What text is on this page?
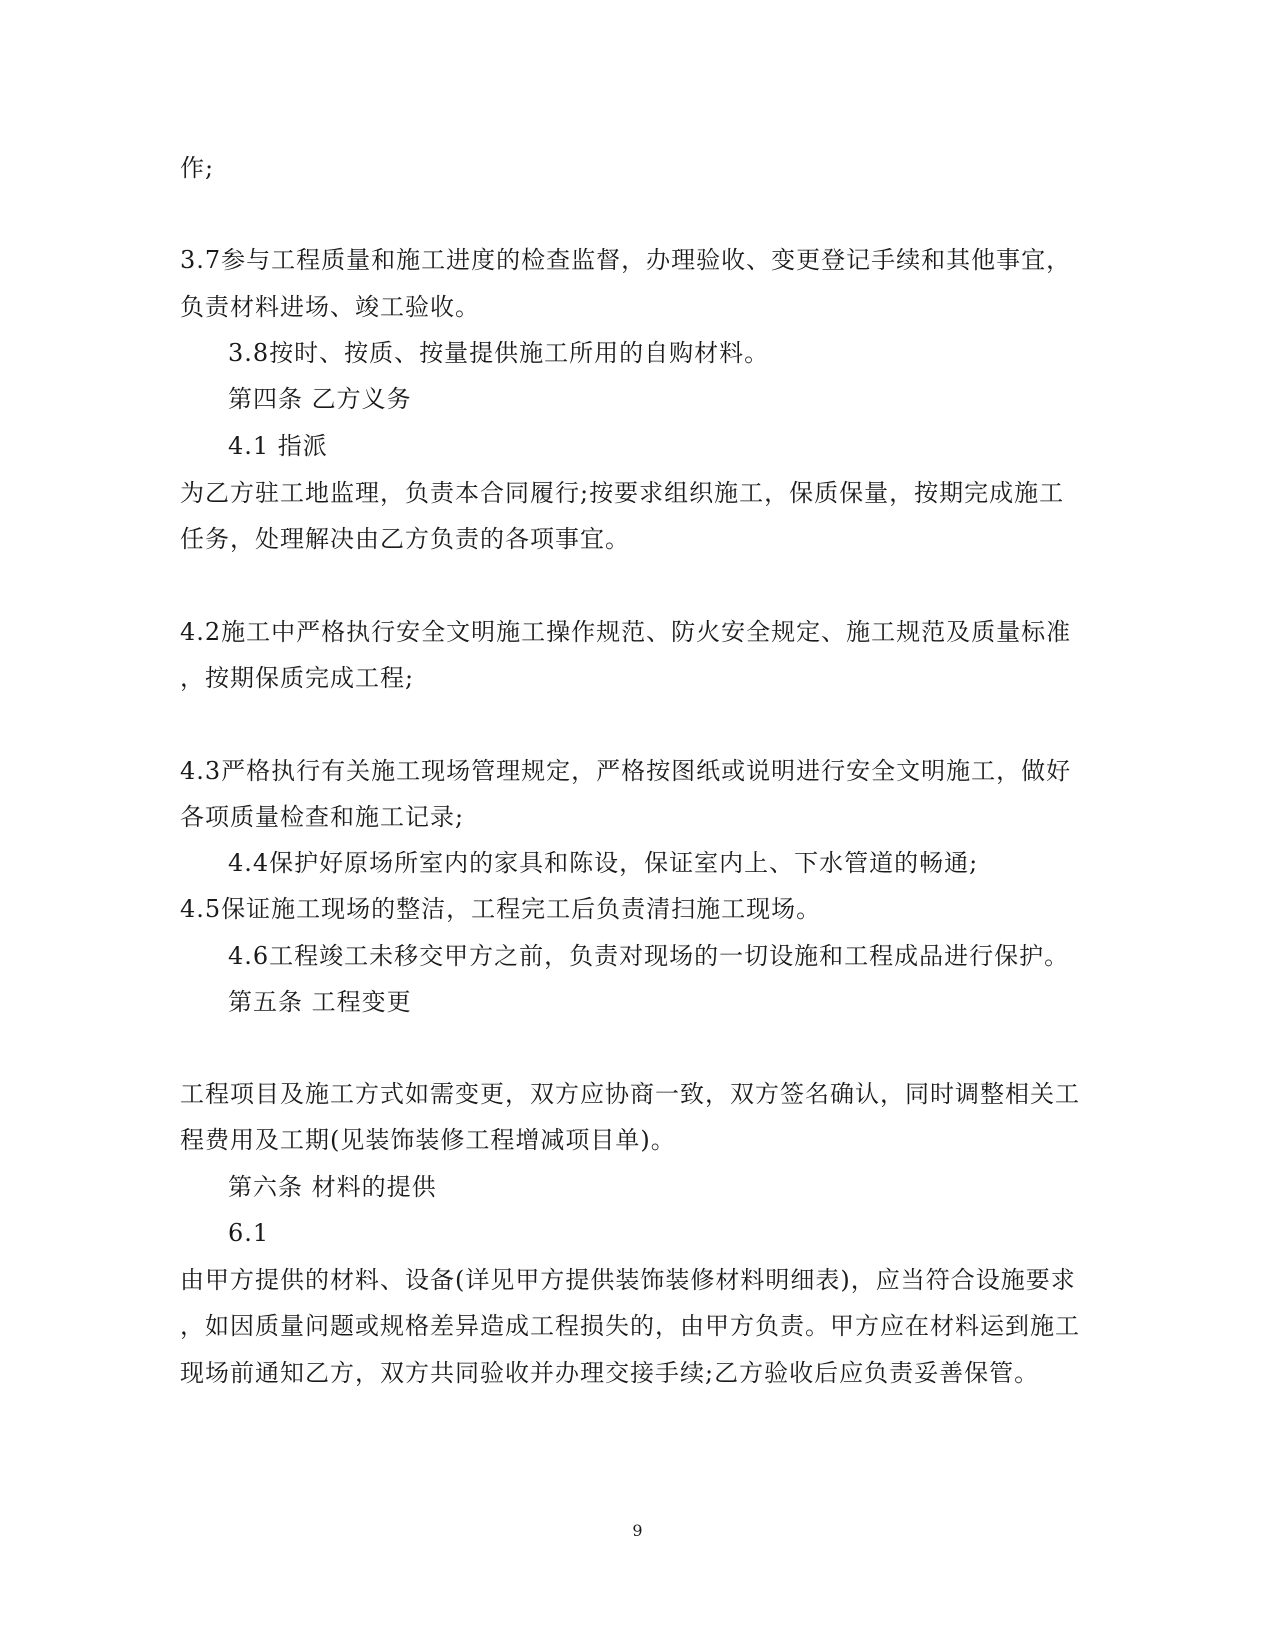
作;
3.7参与工程质量和施工进度的检查监督，办理验收、变更登记手续和其他事宜，
负责材料进场、竣工验收。
3.8按时、按质、按量提供施工所用的自购材料。
第四条 乙方义务
4.1 指派
为乙方驻工地监理，负责本合同履行;按要求组织施工，保质保量，按期完成施工
任务，处理解决由乙方负责的各项事宜。
4.2施工中严格执行安全文明施工操作规范、防火安全规定、施工规范及质量标准
，按期保质完成工程;
4.3严格执行有关施工现场管理规定，严格按图纸或说明进行安全文明施工，做好
各项质量检查和施工记录;
4.4保护好原场所室内的家具和陈设，保证室内上、下水管道的畅通;
4.5保证施工现场的整洁，工程完工后负责清扫施工现场。
4.6工程竣工未移交甲方之前，负责对现场的一切设施和工程成品进行保护。
第五条 工程变更
工程项目及施工方式如需变更，双方应协商一致，双方签名确认，同时调整相关工
程费用及工期(见装饰装修工程增减项目单)。
第六条 材料的提供
6.1
由甲方提供的材料、设备(详见甲方提供装饰装修材料明细表)，应当符合设施要求
，如因质量问题或规格差异造成工程损失的，由甲方负责。甲方应在材料运到施工
现场前通知乙方，双方共同验收并办理交接手续;乙方验收后应负责妥善保管。
9
